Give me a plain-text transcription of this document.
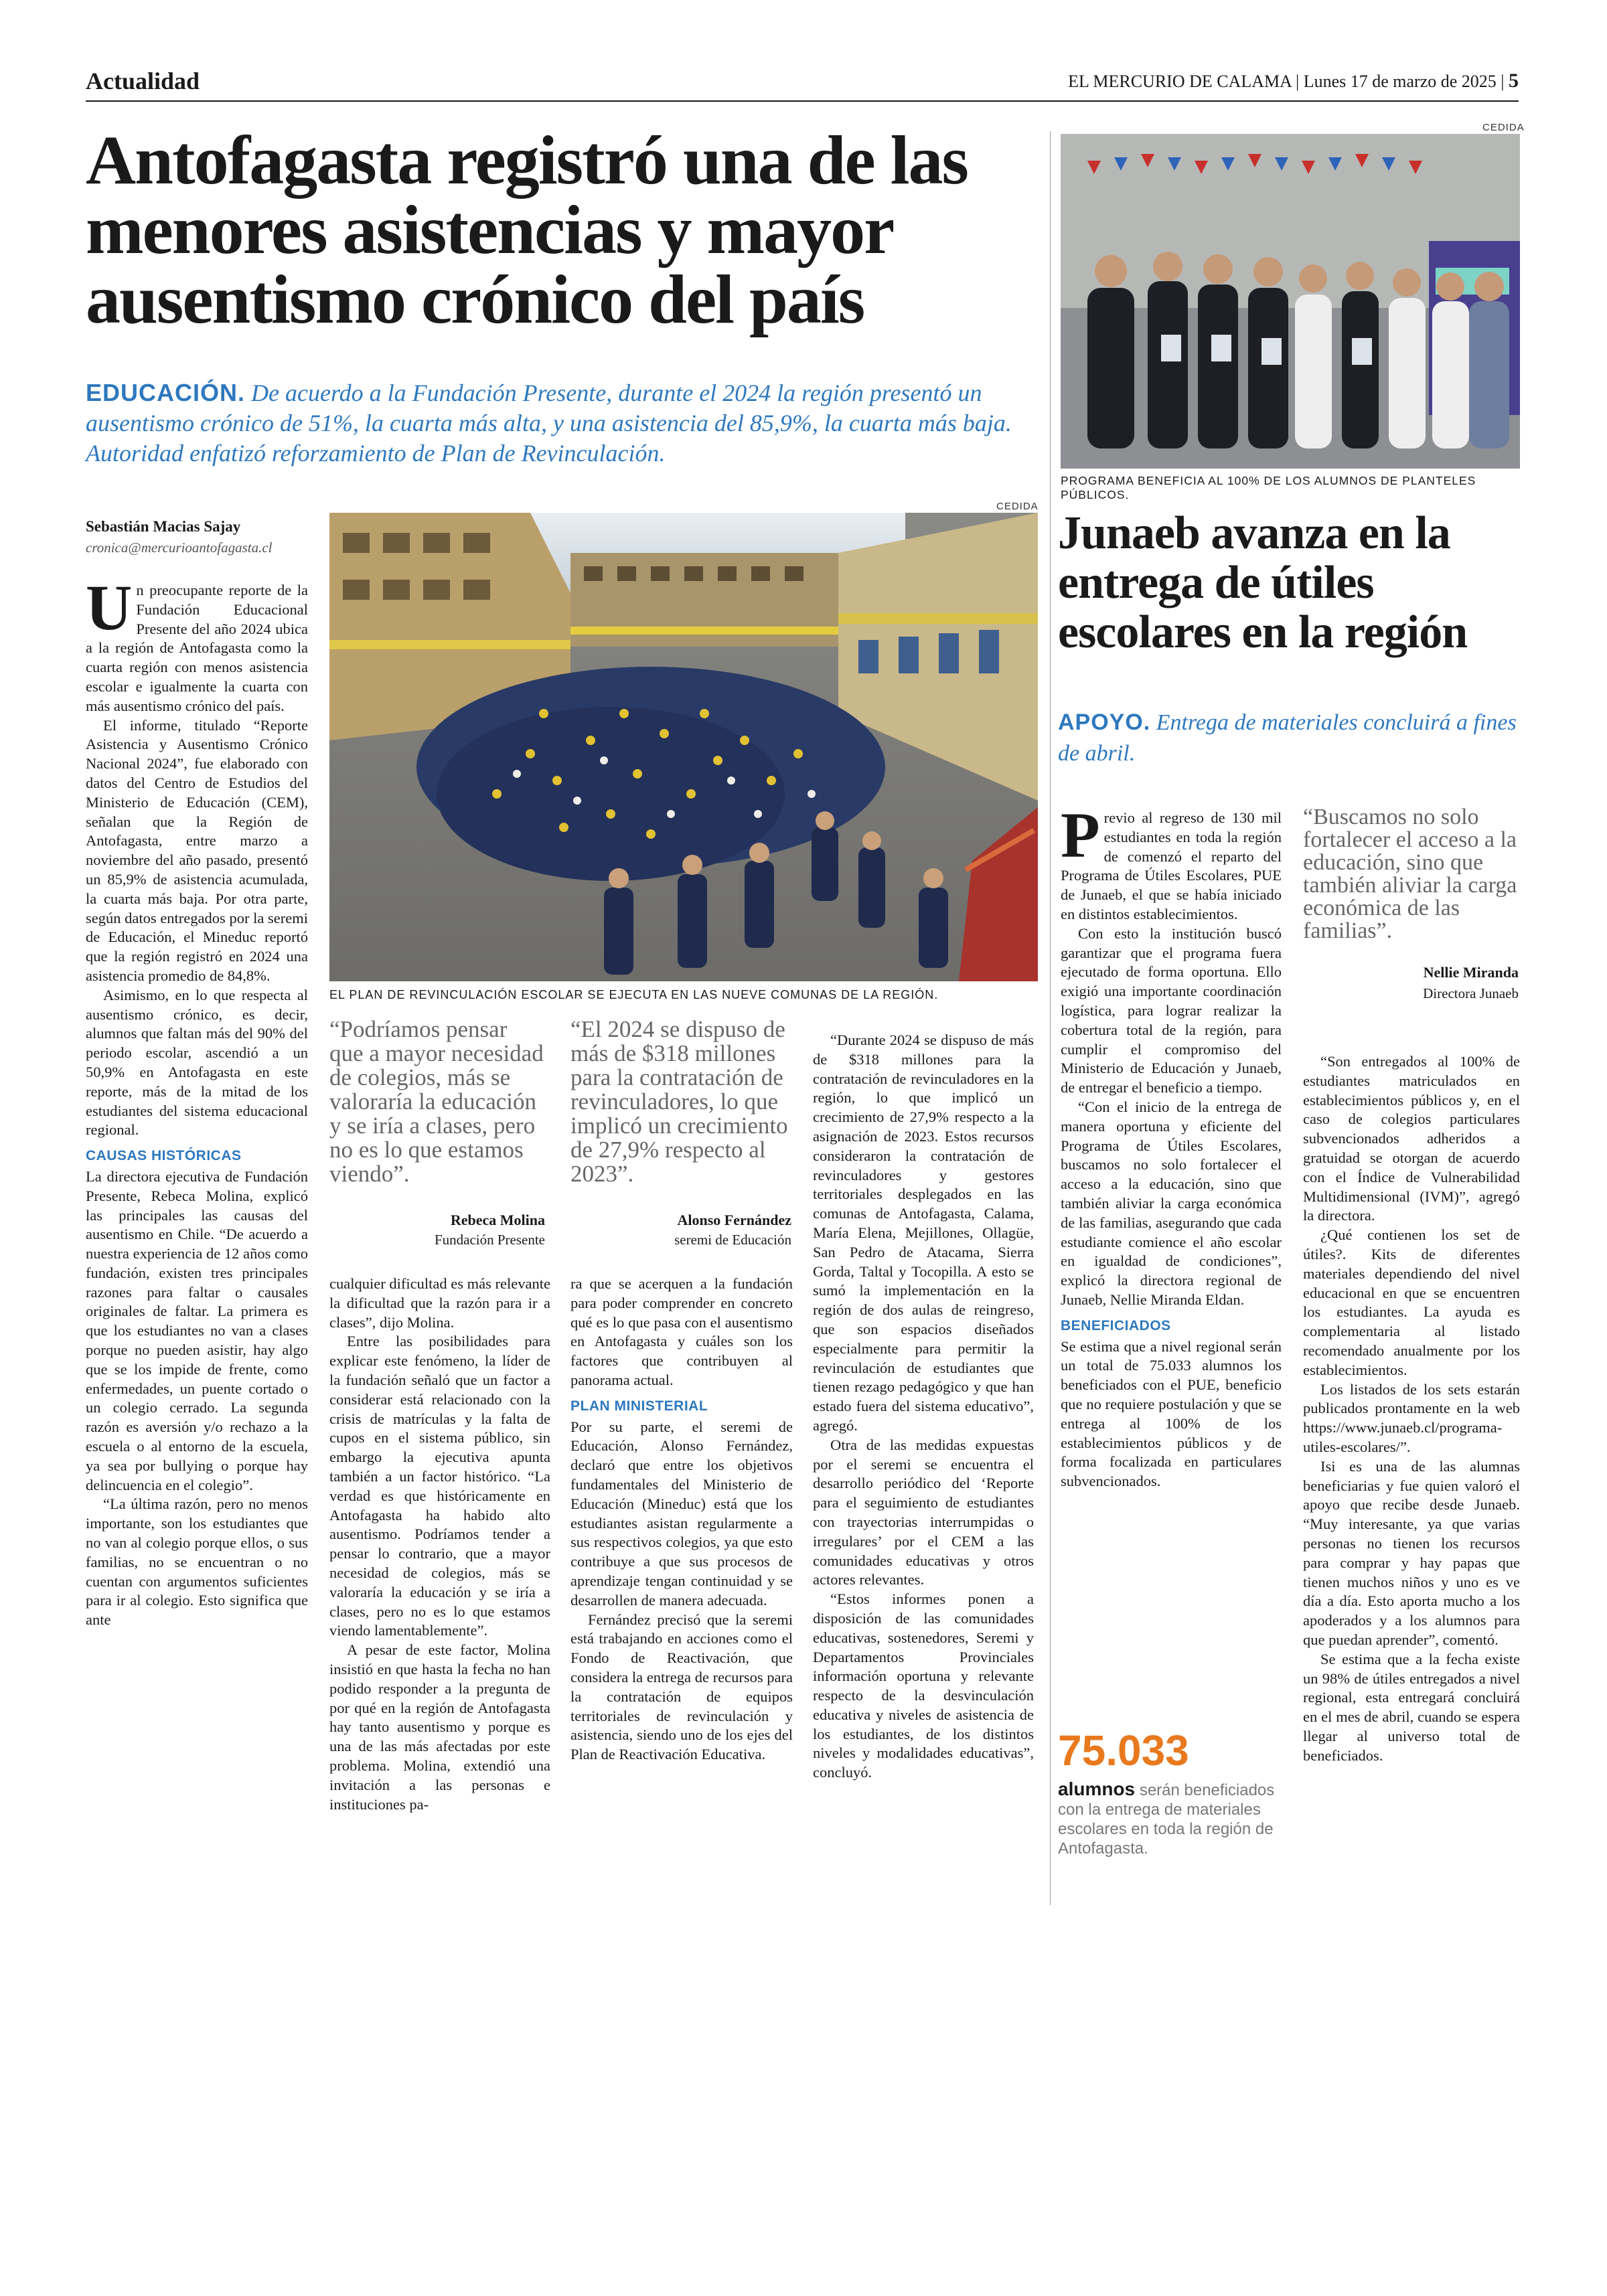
Actualidad	EL MERCURIO DE CALAMA | Lunes 17 de marzo de 2025 | 5
Antofagasta registró una de las menores asistencias y mayor ausentismo crónico del país
EDUCACIÓN. De acuerdo a la Fundación Presente, durante el 2024 la región presentó un ausentismo crónico de 51%, la cuarta más alta, y una asistencia del 85,9%, la cuarta más baja. Autoridad enfatizó reforzamiento de Plan de Revinculación.
Sebastián Macias Sajay
cronica@mercurioantofagasta.cl
CEDIDA
EL PLAN DE REVINCULACIÓN ESCOLAR SE EJECUTA EN LAS NUEVE COMUNAS DE LA REGIÓN.

Un preocupante reporte de la Fundación Educacional Presente del año 2024 ubica a la región de Antofagasta como la cuarta región con menos asistencia escolar e igualmente la cuarta con más ausentismo crónico del país.

El informe, titulado “Reporte Asistencia y Ausentismo Crónico Nacional 2024”, fue elaborado con datos del Centro de Estudios del Ministerio de Educación (CEM), señalan que la Región de Antofagasta, entre marzo a noviembre del año pasado, presentó un 85,9% de asistencia acumulada, la cuarta más baja. Por otra parte, según datos entregados por la seremi de Educación, el Mineduc reportó que la región registró en 2024 una asistencia promedio de 84,8%.

Asimismo, en lo que respecta al ausentismo crónico, es decir, alumnos que faltan más del 90% del periodo escolar, ascendió a un 50,9% en Antofagasta en este reporte, más de la mitad de los estudiantes del sistema educacional regional.

CAUSAS HISTÓRICAS

La directora ejecutiva de Fundación Presente, Rebeca Molina, explicó las principales las causas del ausentismo en Chile. “De acuerdo a nuestra experiencia de 12 años como fundación, existen tres principales razones para faltar o causales originales de faltar. La primera es que los estudiantes no van a clases porque no pueden asistir, hay algo que se los impide de frente, como enfermedades, un puente cortado o un colegio cerrado. La segunda razón es aversión y/o rechazo a la escuela o al entorno de la escuela, ya sea por bullying o porque hay delincuencia en el colegio”.

“La última razón, pero no menos importante, son los estudiantes que no van al colegio porque ellos, o sus familias, no se encuentran o no cuentan con argumentos suficientes para ir al colegio. Esto significa que ante

“Podríamos pensar que a mayor necesidad de colegios, más se valoraría la educación y se iría a clases, pero no es lo que estamos viendo”.
Rebeca Molina
Fundación Presente
“El 2024 se dispuso de más de $318 millones para la contratación de revinculadores, lo que implicó un crecimiento de 27,9% respecto al 2023”.
Alonso Fernández
seremi de Educación

cualquier dificultad es más relevante la dificultad que la razón para ir a clases”, dijo Molina.

Entre las posibilidades para explicar este fenómeno, la líder de la fundación señaló que un factor a considerar está relacionado con la crisis de matrículas y la falta de cupos en el sistema público, sin embargo la ejecutiva apunta también a un factor histórico. “La verdad es que históricamente en Antofagasta ha habido alto ausentismo. Podríamos tender a pensar lo contrario, que a mayor necesidad de colegios, más se valoraría la educación y se iría a clases, pero no es lo que estamos viendo lamentablemente”.

A pesar de este factor, Molina insistió en que hasta la fecha no han podido responder a la pregunta de por qué en la región de Antofagasta hay tanto ausentismo y porque es una de las más afectadas por este problema. Molina, extendió una invitación a las personas e instituciones pa-

ra que se acerquen a la fundación para poder comprender en concreto qué es lo que pasa con el ausentismo en Antofagasta y cuáles son los factores que contribuyen al panorama actual.

PLAN MINISTERIAL

Por su parte, el seremi de Educación, Alonso Fernández, declaró que entre los objetivos fundamentales del Ministerio de Educación (Mineduc) está que los estudiantes asistan regularmente a sus respectivos colegios, ya que esto contribuye a que sus procesos de aprendizaje tengan continuidad y se desarrollen de manera adecuada.

Fernández precisó que la seremi está trabajando en acciones como el Fondo de Reactivación, que considera la entrega de recursos para la contratación de equipos territoriales de revinculación y asistencia, siendo uno de los ejes del Plan de Reactivación Educativa.

“Durante 2024 se dispuso de más de $318 millones para la contratación de revinculadores en la región, lo que implicó un crecimiento de 27,9% respecto a la asignación de 2023. Estos recursos consideraron la contratación de revinculadores y gestores territoriales desplegados en las comunas de Antofagasta, Calama, María Elena, Mejillones, Ollagüe, San Pedro de Atacama, Sierra Gorda, Taltal y Tocopilla. A esto se sumó la implementación en la región de dos aulas de reingreso, que son espacios diseñados especialmente para permitir la revinculación de estudiantes que tienen rezago pedagógico y que han estado fuera del sistema educativo”, agregó.

Otra de las medidas expuestas por el seremi se encuentra el desarrollo periódico del ‘Reporte para el seguimiento de estudiantes con trayectorias interrumpidas o irregulares’ por el CEM a las comunidades educativas y otros actores relevantes.

“Estos informes ponen a disposición de las comunidades educativas, sostenedores, Seremi y Departamentos Provinciales información oportuna y relevante respecto de la desvinculación educativa y niveles de asistencia de los estudiantes, de los distintos niveles y modalidades educativas”, concluyó.

CEDIDA
PROGRAMA BENEFICIA AL 100% DE LOS ALUMNOS DE PLANTELES PÚBLICOS.
Junaeb avanza en la entrega de útiles escolares en la región
APOYO. Entrega de materiales concluirá a fines de abril.

Previo al regreso de 130 mil estudiantes en toda la región de comenzó el reparto del Programa de Útiles Escolares, PUE de Junaeb, el que se había iniciado en distintos establecimientos.

Con esto la institución buscó garantizar que el programa fuera ejecutado de forma oportuna. Ello exigió una importante coordinación logística, para lograr realizar la cobertura total de la región, para cumplir el compromiso del Ministerio de Educación y Junaeb, de entregar el beneficio a tiempo.

“Con el inicio de la entrega de manera oportuna y eficiente del Programa de Útiles Escolares, buscamos no solo fortalecer el acceso a la educación, sino que también aliviar la carga económica de las familias, asegurando que cada estudiante comience el año escolar en igualdad de condiciones”, explicó la directora regional de Junaeb, Nellie Miranda Eldan.

BENEFICIADOS

Se estima que a nivel regional serán un total de 75.033 alumnos los beneficiados con el PUE, beneficio que no requiere postulación y que se entrega al 100% de los establecimientos públicos y de forma focalizada en particulares subvencionados.

75.033
alumnos serán beneficiados con la entrega de materiales escolares en toda la región de Antofagasta.
“Buscamos no solo fortalecer el acceso a la educación, sino que también aliviar la carga económica de las familias”.
Nellie Miranda
Directora Junaeb

“Son entregados al 100% de estudiantes matriculados en establecimientos públicos y, en el caso de colegios particulares subvencionados adheridos a gratuidad se otorgan de acuerdo con el Índice de Vulnerabilidad Multidimensional (IVM)”, agregó la directora.

¿Qué contienen los set de útiles?. Kits de diferentes materiales dependiendo del nivel educacional en que se encuentren los estudiantes. La ayuda es complementaria al listado recomendado anualmente por los establecimientos.

Los listados de los sets estarán publicados prontamente en la web https://www.junaeb.cl/programa-utiles-escolares/”.

Isi es una de las alumnas beneficiarias y fue quien valoró el apoyo que recibe desde Junaeb. “Muy interesante, ya que varias personas no tienen los recursos para comprar y hay papas que tienen muchos niños y uno es ve día a día. Esto aporta mucho a los apoderados y a los alumnos para que puedan aprender”, comentó.

Se estima que a la fecha existe un 98% de útiles entregados a nivel regional, esta entregará concluirá en el mes de abril, cuando se espera llegar al universo total de beneficiados.
